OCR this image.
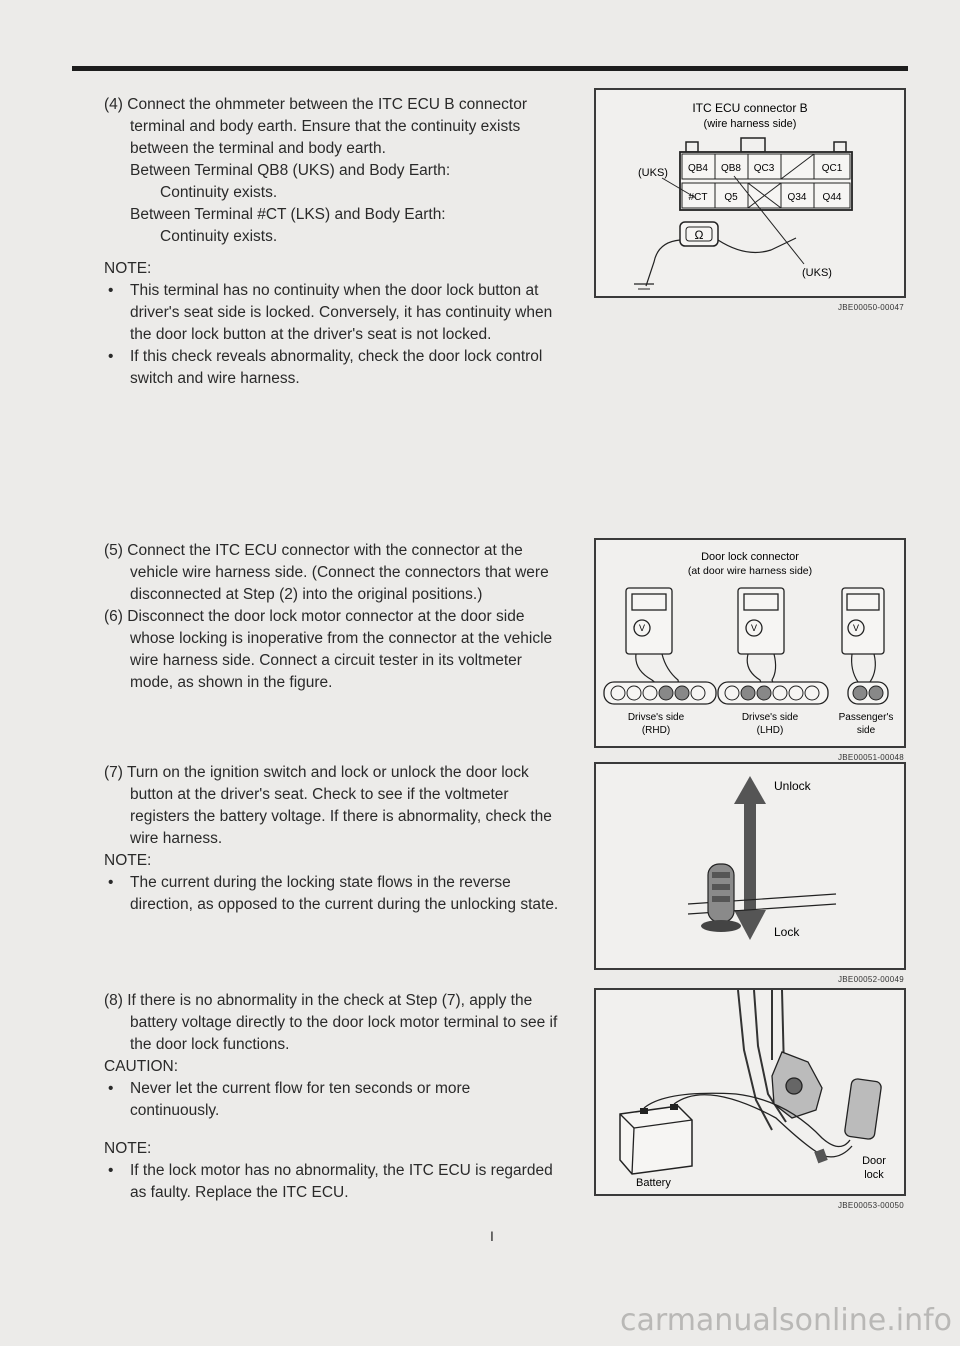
(4) Connect the ohmmeter between the ITC ECU B connector terminal and body earth. Ensure that the continuity exists between the terminal and body earth.

Between Terminal QB8 (UKS) and Body Earth:

Continuity exists.

Between Terminal #CT (LKS) and Body Earth:

Continuity exists.

NOTE:

• This terminal has no continuity when the door lock button at driver's seat side is locked. Conversely, it has continuity when the door lock button at the driver's seat is not locked.

• If this check reveals abnormality, check the door lock control switch and wire harness.

(5) Connect the ITC ECU connector with the connector at the vehicle wire harness side. (Connect the connectors that were disconnected at Step (2) into the original positions.)

(6) Disconnect the door lock motor connector at the door side whose locking is inoperative from the connector at the vehicle wire harness side. Connect a circuit tester in its voltmeter mode, as shown in the figure.

(7) Turn on the ignition switch and lock or unlock the door lock button at the driver's seat. Check to see if the voltmeter registers the battery voltage. If there is abnormality, check the wire harness.

NOTE:

• The current during the locking state flows in the reverse direction, as opposed to the current during the unlocking state.

(8) If there is no abnormality in the check at Step (7), apply the battery voltage directly to the door lock motor terminal to see if the door lock functions.

CAUTION:

• Never let the current flow for ten seconds or more continuously.

NOTE:

• If the lock motor has no abnormality, the ITC ECU is regarded as faulty. Replace the ITC ECU.

ITC ECU connector B
(wire harness side)
QB4 QB8 QC3	QC1
#CT Q5	Q34 Q44
(UKS)
(UKS)
Ω
JBE00050-00047
Door lock connector
(at door wire harness side)
V	V	V
Drivse's side
(RHD)
Drivse's side
(LHD)
Passenger's
side
JBE00051-00048
Unlock
Lock
JBE00052-00049
Battery
Door
lock
JBE00053-00050
I
carmanualsonline.info
